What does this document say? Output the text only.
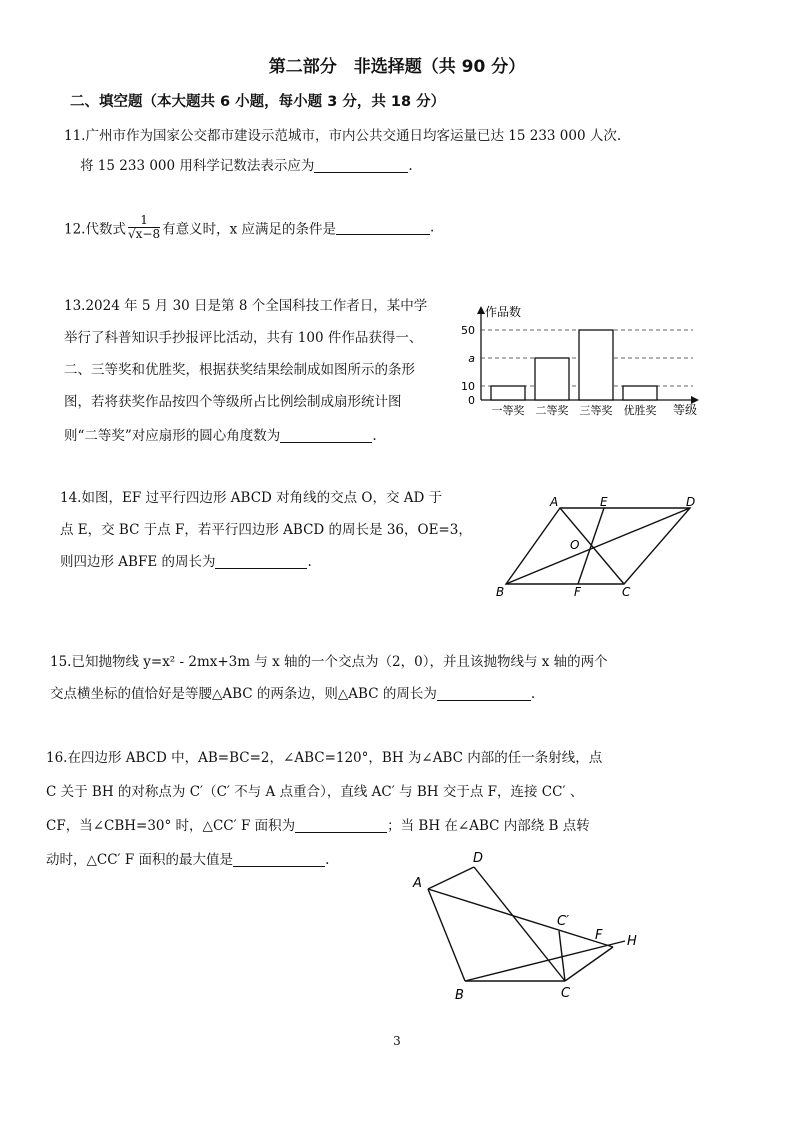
第二部分　非选择题（共 90 分）
二、填空题（本大题共 6 小题，每小题 3 分，共 18 分）
11.广州市作为国家公交都市建设示范城市，市内公共交通日均客运量已达 15 233 000 人次.
将 15 233 000 用科学记数法表示应为	.
12.代数式 $\frac{1}{√x-8}$ 有意义时，x 应满足的条件是	.
13.2024 年 5 月 30 日是第 8 个全国科技工作者日，某中学
举行了科普知识手抄报评比活动，共有 100 件作品获得一、
二、三等奖和优胜奖，根据获奖结果绘制成如图所示的条形
图，若将获奖作品按四个等级所占比例绘制成扇形统计图
则“二等奖”对应扇形的圆心角度数为	.
作品数
等级
0
10
a
50
一等奖 二等奖 三等奖 优胜奖
14.如图，EF 过平行四边形 ABCD 对角线的交点 O，交 AD 于
点 E，交 BC 于点 F，若平行四边形 ABCD 的周长是 36，OE=3，
则四边形 ABFE 的周长为	.
A	E	D
O
B	F	C
15.已知抛物线 y=x² - 2mx+3m 与 x 轴的一个交点为（2，0），并且该抛物线与 x 轴的两个
交点横坐标的值恰好是等腰△ABC 的两条边，则△ABC 的周长为	.
16.在四边形 ABCD 中，AB=BC=2，∠ABC=120°，BH 为∠ABC 内部的任一条射线，点
C 关于 BH 的对称点为 C′（C′ 不与 A 点重合），直线 AC′ 与 BH 交于点 F，连接 CC′ 、
CF，当∠CBH=30° 时，△CC′ F 面积为	；当 BH 在∠ABC 内部绕 B 点转
动时，△CC′ F 面积的最大值是	.
A
D
C′
F H
B	C
3
